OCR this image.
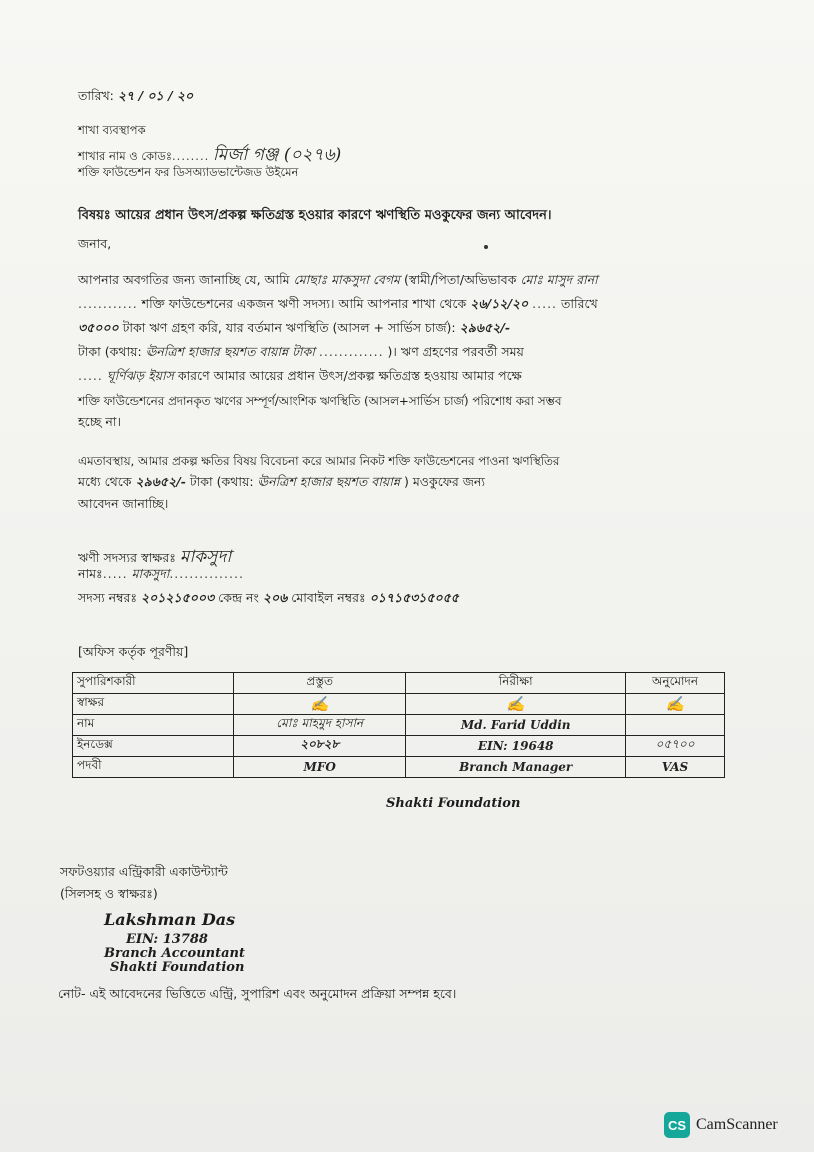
তারিখ: ২৭ / ০১ / ২০
শাখা ব্যবস্থাপক
শাখার নাম ও কোডঃ........ মির্জা গঞ্জ (০২৭৬)
শক্তি ফাউন্ডেশন ফর ডিসঅ্যাডভান্টেজড উইমেন
বিষয়ঃ আয়ের প্রধান উৎস/প্রকল্প ক্ষতিগ্রস্ত হওয়ার কারণে ঋণস্থিতি মওকুফের জন্য আবেদন।
জনাব,
আপনার অবগতির জন্য জানাচ্ছি যে, আমি মোছাঃ মাকসুদা বেগম (স্বামী/পিতা/অভিভাবক মোঃ মাসুদ রানা
............ শক্তি ফাউন্ডেশনের একজন ঋণী সদস্য। আমি আপনার শাখা থেকে ২৬/১২/২০ ..... তারিখে
৩৫০০০ টাকা ঋণ গ্রহণ করি, যার বর্তমান ঋণস্থিতি (আসল + সার্ভিস চার্জ): ২৯৬৫২/-
টাকা (কথায়: ঊনত্রিশ হাজার ছয়শত বায়ান্ন টাকা ............. )। ঋণ গ্রহণের পরবর্তী সময়
..... ঘূর্ণিঝড় ইয়াস কারণে আমার আয়ের প্রধান উৎস/প্রকল্প ক্ষতিগ্রস্ত হওয়ায় আমার পক্ষে
শক্তি ফাউন্ডেশনের প্রদানকৃত ঋণের সম্পূর্ণ/আংশিক ঋণস্থিতি (আসল+সার্ভিস চার্জ) পরিশোধ করা সম্ভব
হচ্ছে না।
এমতাবস্থায়, আমার প্রকল্প ক্ষতির বিষয় বিবেচনা করে আমার নিকট শক্তি ফাউন্ডেশনের পাওনা ঋণস্থিতির
মধ্যে থেকে ২৯৬৫২/- টাকা (কথায়: ঊনত্রিশ হাজার ছয়শত বায়ান্ন ) মওকুফের জন্য
আবেদন জানাচ্ছি।
ঋণী সদস্যর স্বাক্ষরঃ মাকসুদা
নামঃ..... মাকসুদা...............
সদস্য নম্বরঃ ২০১২১৫০০৩ কেন্দ্র নং ২০৬ মোবাইল নম্বরঃ ০১৭১৫৩১৫০৫৫
[অফিস কর্তৃক পূরণীয়]
সুপারিশকারী	প্রস্তুত	নিরীক্ষা	অনুমোদন
স্বাক্ষর	✍	✍	✍
নাম	মোঃ মাহমুদ হাসান	Md. Farid Uddin	
ইনডেক্স	২০৮২৮	EIN: 19648	০৫৭০০
পদবী	MFO	Branch Manager	VAS
Shakti Foundation
সফটওয়্যার এন্ট্রিকারী একাউন্ট্যান্ট
(সিলসহ ও স্বাক্ষরঃ)
Lakshman Das
EIN: 13788
Branch Accountant
Shakti Foundation
নোট- এই আবেদনের ভিত্তিতে এন্ট্রি, সুপারিশ এবং অনুমোদন প্রক্রিয়া সম্পন্ন হবে।
CS CamScanner
